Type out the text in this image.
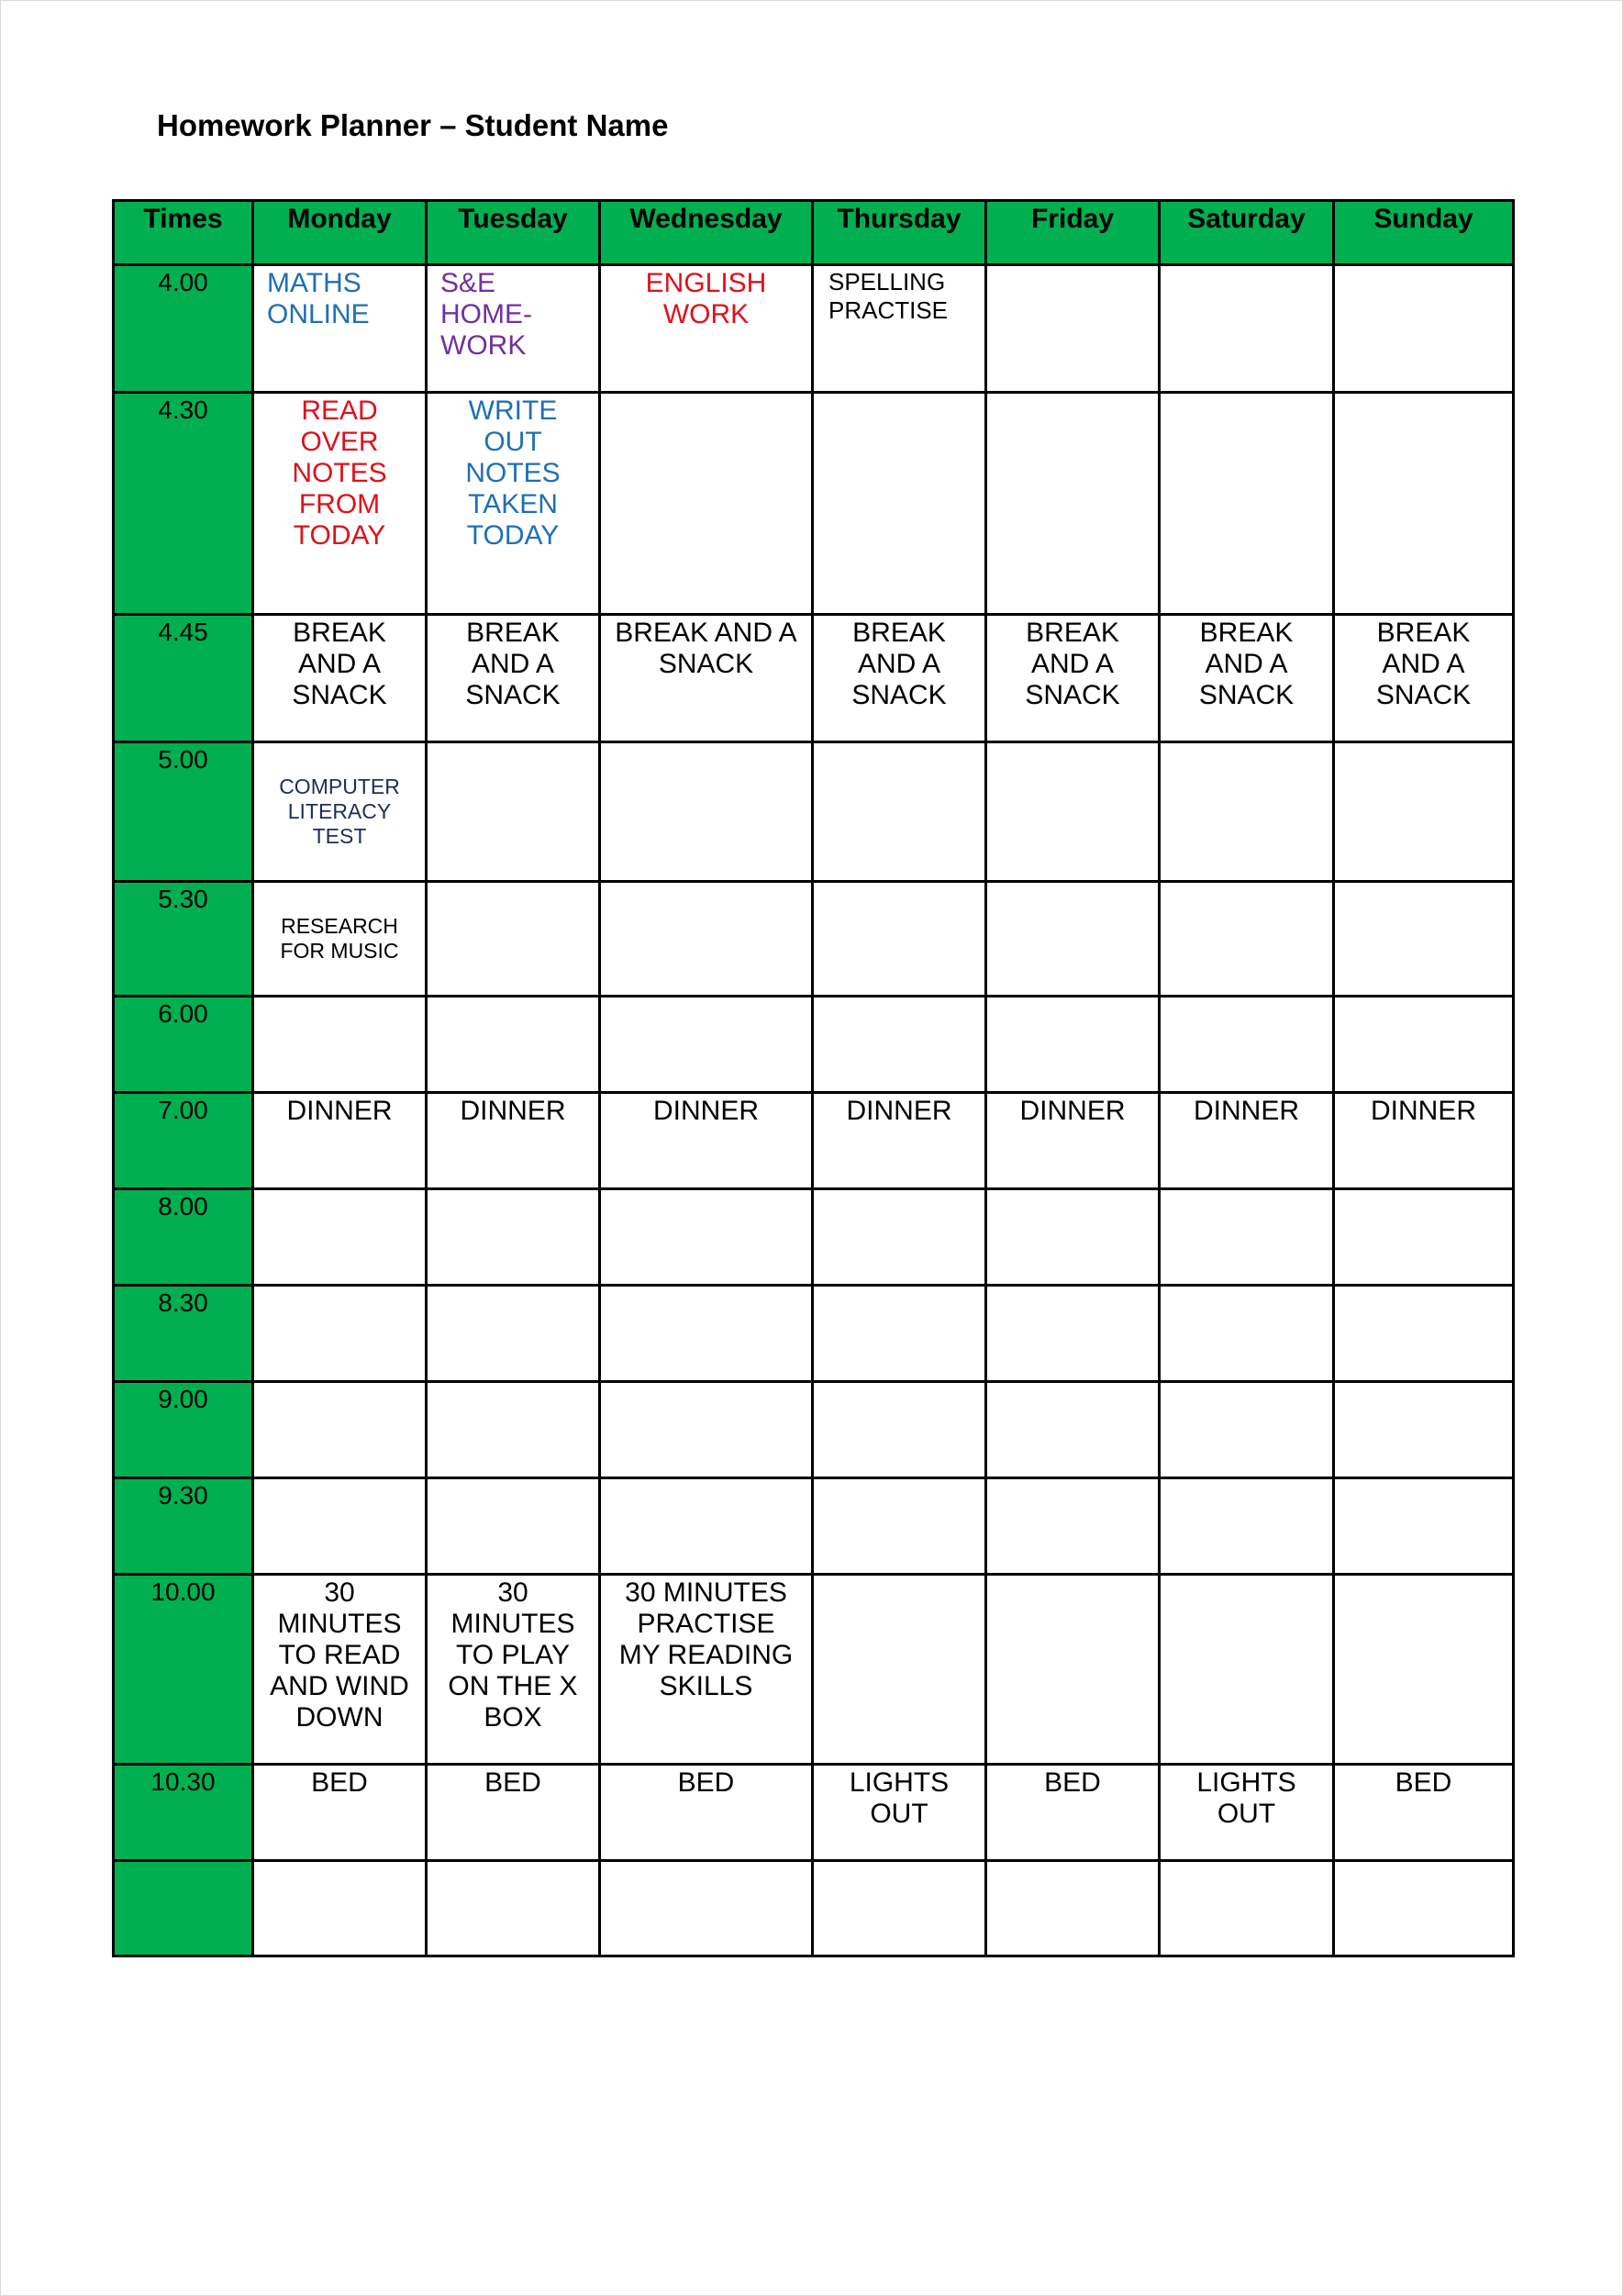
Homework Planner – Student Name
Times	Monday	Tuesday	Wednesday	Thursday	Friday	Saturday	Sunday
4.00	MATHS ONLINE	S&E HOME-WORK	ENGLISH WORK	SPELLING PRACTISE			
4.30	READ OVER NOTES FROM TODAY	WRITE OUT NOTES TAKEN TODAY					
4.45	BREAK AND A SNACK	BREAK AND A SNACK	BREAK AND A SNACK	BREAK AND A SNACK	BREAK AND A SNACK	BREAK AND A SNACK	BREAK AND A SNACK
5.00	COMPUTER LITERACY TEST						
5.30	RESEARCH FOR MUSIC						
6.00							
7.00	DINNER	DINNER	DINNER	DINNER	DINNER	DINNER	DINNER
8.00							
8.30							
9.00							
9.30							
10.00	30 MINUTES TO READ AND WIND DOWN	30 MINUTES TO PLAY ON THE X BOX	30 MINUTES PRACTISE MY READING SKILLS				
10.30	BED	BED	BED	LIGHTS OUT	BED	LIGHTS OUT	BED
